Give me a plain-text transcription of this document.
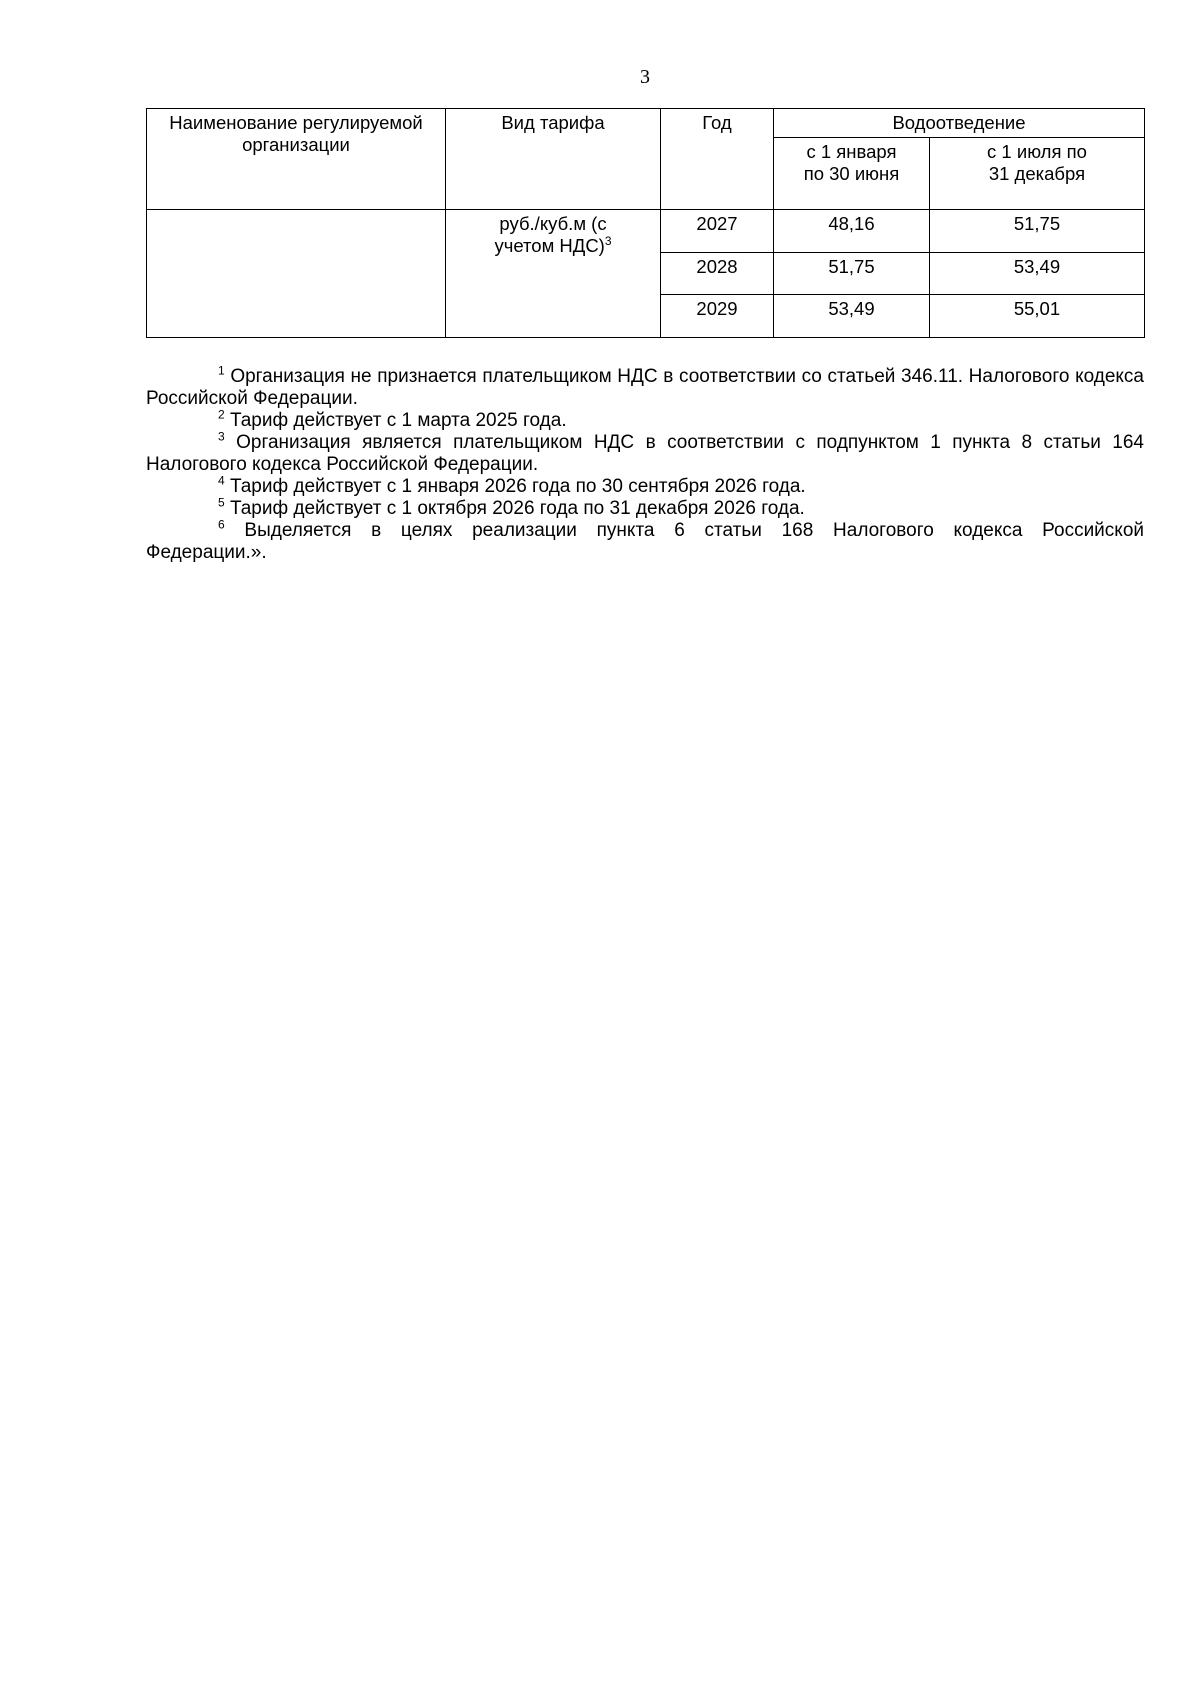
3
Наименование регулируемой организации	Вид тарифа	Год	Водоотведение	
			с 1 января по 30 июня	с 1 июля по 31 декабря
	руб./куб.м (с учетом НДС)$^3$	2027	48,16	51,75
		2028	51,75	53,49
		2029	53,49	55,01

$^1$ Организация не признается плательщиком НДС в соответствии со статьей 346.11. Налогового кодекса Российской Федерации.

$^2$ Тариф действует с 1 марта 2025 года.

$^3$ Организация является плательщиком НДС в соответствии с подпунктом 1 пункта 8 статьи 164 Налогового кодекса Российской Федерации.

$^4$ Тариф действует с 1 января 2026 года по 30 сентября 2026 года.

$^5$ Тариф действует с 1 октября 2026 года по 31 декабря 2026 года.

$^6$ Выделяется в целях реализации пункта 6 статьи 168 Налогового кодекса Российской Федерации.».
